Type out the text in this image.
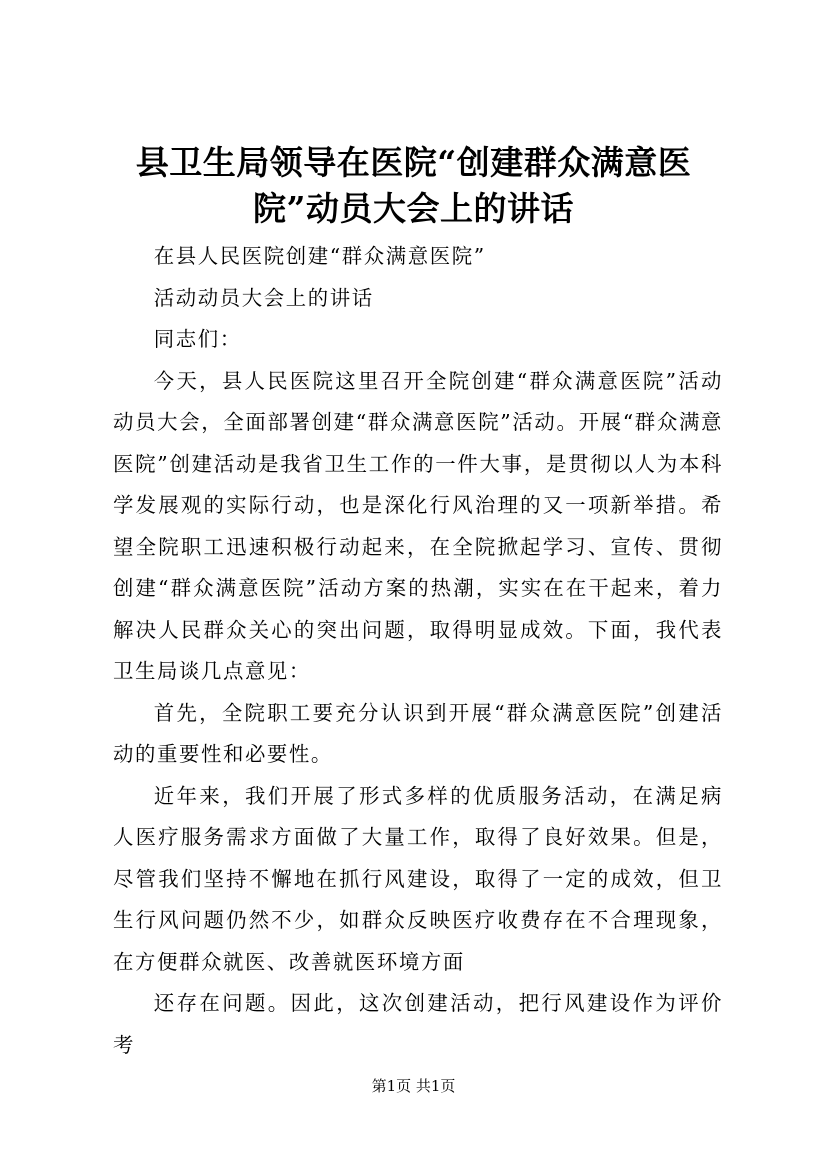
县卫生局领导在医院“创建群众满意医院”动员大会上的讲话

在县人民医院创建“群众满意医院”

活动动员大会上的讲话

同志们：

今天，县人民医院这里召开全院创建“群众满意医院”活动动员大会，全面部署创建“群众满意医院”活动。开展“群众满意医院”创建活动是我省卫生工作的一件大事，是贯彻以人为本科学发展观的实际行动，也是深化行风治理的又一项新举措。希望全院职工迅速积极行动起来，在全院掀起学习、宣传、贯彻创建“群众满意医院”活动方案的热潮，实实在在干起来，着力解决人民群众关心的突出问题，取得明显成效。下面，我代表卫生局谈几点意见：

首先，全院职工要充分认识到开展“群众满意医院”创建活动的重要性和必要性。

近年来，我们开展了形式多样的优质服务活动，在满足病人医疗服务需求方面做了大量工作，取得了良好效果。但是，尽管我们坚持不懈地在抓行风建设，取得了一定的成效，但卫生行风问题仍然不少，如群众反映医疗收费存在不合理现象，在方便群众就医、改善就医环境方面

还存在问题。因此，这次创建活动，把行风建设作为评价考

第1页 共1页
